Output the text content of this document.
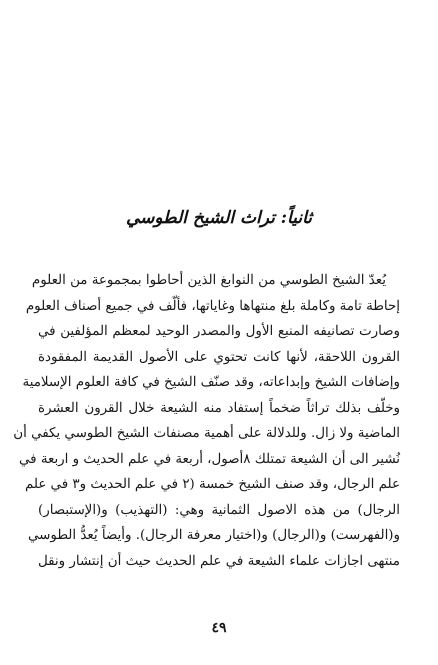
ثانياً: تراث الشيخ الطوسي
يُعدّ الشيخ الطوسي من النوابغ الذين أحاطوا بمجموعة من العلوم
إحاطة تامة وكاملة بلغ منتهاها وغاياتها، فألّف في جميع أصناف العلوم
وصارت تصانيفه المنبع الأول والمصدر الوحيد لمعظم المؤلفين في
القرون اللاحقة، لأنها كانت تحتوي على الأصول القديمة المفقودة
وإضافات الشيخ وإبداعاته، وقد صنّف الشيخ في كافة العلوم الإسلامية
وخلّف بذلك تراثاً ضخماً إستفاد منه الشيعة خلال القرون العشرة
الماضية ولا زال. وللدلالة على أهمية مصنفات الشيخ الطوسي يكفي أن
نُشير الى أن الشيعة تمتلك ٨أصول، أربعة في علم الحديث و اربعة في
علم الرجال، وقد صنف الشيخ خمسة (٢ في علم الحديث و٣ في علم
الرجال) من هذه الاصول الثمانية وهي: (التهذيب) و(الإستبصار)
و(الفهرست) و(الرجال) و(اختيار معرفة الرجال). وأيضاً يُعدُّ الطوسي
منتهى اجازات علماء الشيعة في علم الحديث حيث أن إنتشار ونقل
٤٩
